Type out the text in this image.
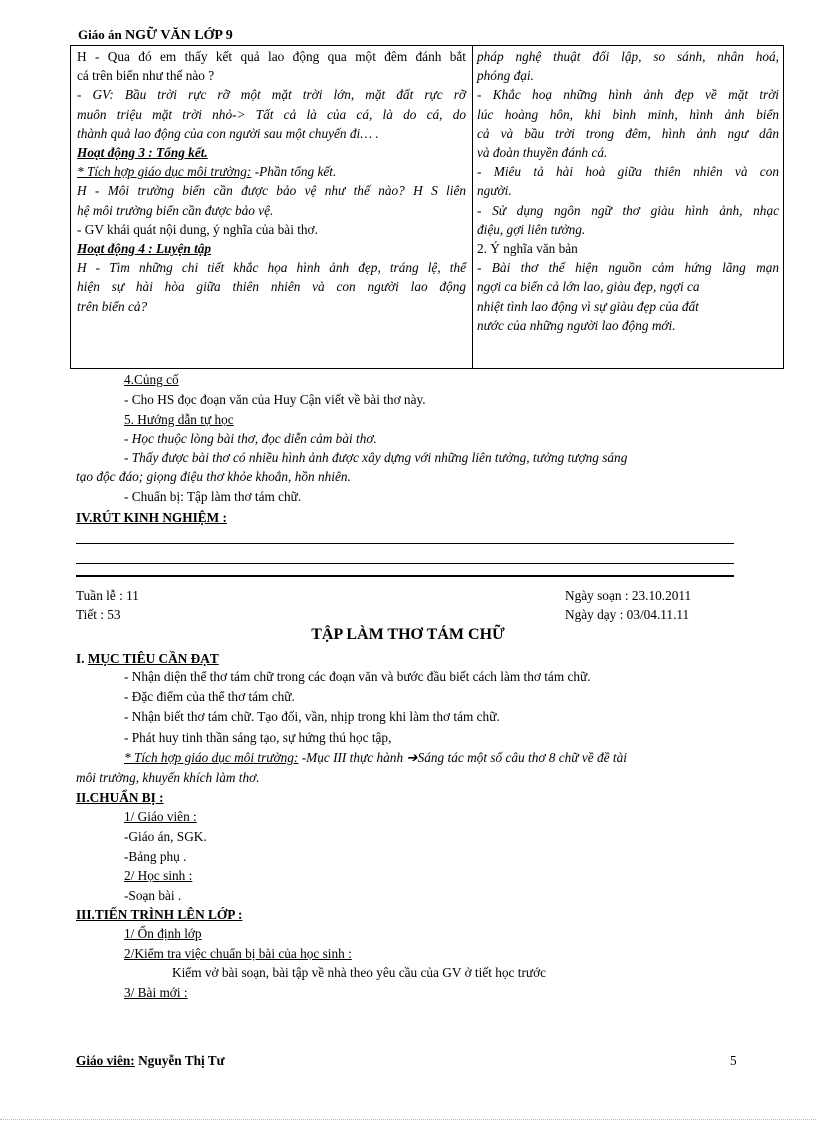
Giáo án NGỮ VĂN LỚP 9

H - Qua đó em thấy kết quả lao động qua một đêm đánh bắt

cá trên biển như thế nào ?

- GV: Bầu trời rực rỡ một mặt trời lớn, mặt đất rực rỡ

muôn triệu mặt trời nhỏ-> Tất cả là của cá, là do cá, do

thành quả lao động của con người sau một chuyến đi… .

Hoạt động 3 : Tổng kết.

* Tích hợp giáo dục môi trường: -Phần tổng kết.

H - Môi trường biển cần được bảo vệ như thế nào? H S liên

hệ môi trường biển cần được bảo vệ.

- GV khái quát nội dung, ý nghĩa của bài thơ.

Hoạt động 4 : Luyện tập

H - Tìm những chi tiết khắc họa hình ảnh đẹp, tráng lệ, thể

hiện sự hài hòa giữa thiên nhiên và con người lao động

trên biển cả?

pháp nghệ thuật đối lập, so sánh, nhân hoá,

phóng đại.

- Khắc hoạ những hình ảnh đẹp về mặt trời

lúc hoàng hôn, khi bình minh, hình ảnh biển

cả và bầu trời trong đêm, hình ảnh ngư dân

và đoàn thuyền đánh cá.

- Miêu tả hài hoà giữa thiên nhiên và con

người.

- Sử dụng ngôn ngữ thơ giàu hình ảnh, nhạc

điệu, gợi liên tưởng.

2. Ý nghĩa văn bản

- Bài thơ thể hiện nguồn cảm hứng lãng mạn

ngợi ca biển cả lớn lao, giàu đẹp, ngợi ca

nhiệt tình lao động vì sự giàu đẹp của đất

nước của những người lao động mới.

4.Củng cố
- Cho HS đọc đoạn văn của Huy Cận viết về bài thơ này.
5. Hướng dẫn tự học
- Học thuộc lòng bài thơ, đọc diễn cảm bài thơ.
- Thấy được bài thơ có nhiều hình ảnh được xây dựng với những liên tưởng, tưởng tượng sáng
tạo độc đáo; giọng điệu thơ khỏe khoắn, hồn nhiên.
- Chuẩn bị: Tập làm thơ tám chữ.
IV.RÚT KINH NGHIỆM :
Tuần lễ : 11
Tiết : 53
Ngày soạn : 23.10.2011
Ngày dạy : 03/04.11.11
TẬP LÀM THƠ TÁM CHỮ
I. MỤC TIÊU CẦN ĐẠT
- Nhận diện thể thơ tám chữ trong các đoạn văn và bước đầu biết cách làm thơ tám chữ.
- Đặc điểm của thể thơ tám chữ.
- Nhận biết thơ tám chữ. Tạo đối, vần, nhịp trong khi làm thơ tám chữ.
- Phát huy tinh thần sáng tạo, sự hứng thú học tập,
* Tích hợp giáo dục môi trường: -Mục III thực hành ➔Sáng tác một số câu thơ 8 chữ về đề tài
môi trường, khuyến khích làm thơ.
II.CHUẨN BỊ :
1/ Giáo viên :
-Giáo án, SGK.
-Bảng phụ .
2/ Học sinh :
-Soạn bài .
III.TIẾN TRÌNH LÊN LỚP :
1/ Ổn định lớp
2/Kiểm tra việc chuẩn bị bài của học sinh :
Kiểm vở bài soạn, bài tập về nhà theo yêu cầu của GV ở tiết học trước
3/ Bài mới :
Giáo viên: Nguyễn Thị Tư	5
